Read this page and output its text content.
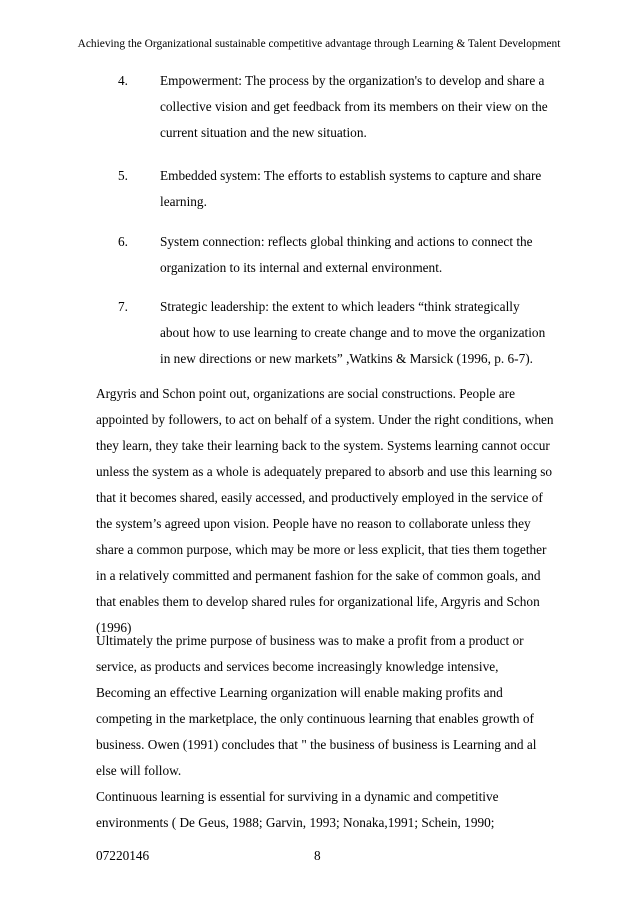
Achieving the Organizational sustainable competitive advantage through Learning & Talent Development
4. Empowerment: The process by the organization's to develop and share a
collective vision and get feedback from its members on their view on the
current situation and the new situation.
5. Embedded system: The efforts to establish systems to capture and share
learning.
6. System connection: reflects global thinking and actions to connect the
organization to its internal and external environment.
7. Strategic leadership: the extent to which leaders “think strategically
about how to use learning to create change and to move the organization
in new directions or new markets” ,Watkins & Marsick (1996, p. 6-7).
Argyris and Schon point out, organizations are social constructions. People are
appointed by followers, to act on behalf of a system. Under the right conditions, when
they learn, they take their learning back to the system. Systems learning cannot occur
unless the system as a whole is adequately prepared to absorb and use this learning so
that it becomes shared, easily accessed, and productively employed in the service of
the system’s agreed upon vision. People have no reason to collaborate unless they
share a common purpose, which may be more or less explicit, that ties them together
in a relatively committed and permanent fashion for the sake of common goals, and
that enables them to develop shared rules for organizational life, Argyris and Schon
(1996)
Ultimately the prime purpose of business was to make a profit from a product or
service, as products and services become increasingly knowledge intensive,
Becoming an effective Learning organization will enable making profits and
competing in the marketplace, the only continuous learning that enables growth of
business. Owen (1991) concludes that " the business of business is Learning and al
else will follow.
Continuous learning is essential for surviving in a dynamic and competitive
environments ( De Geus, 1988; Garvin, 1993; Nonaka,1991; Schein, 1990;
07220146	8
